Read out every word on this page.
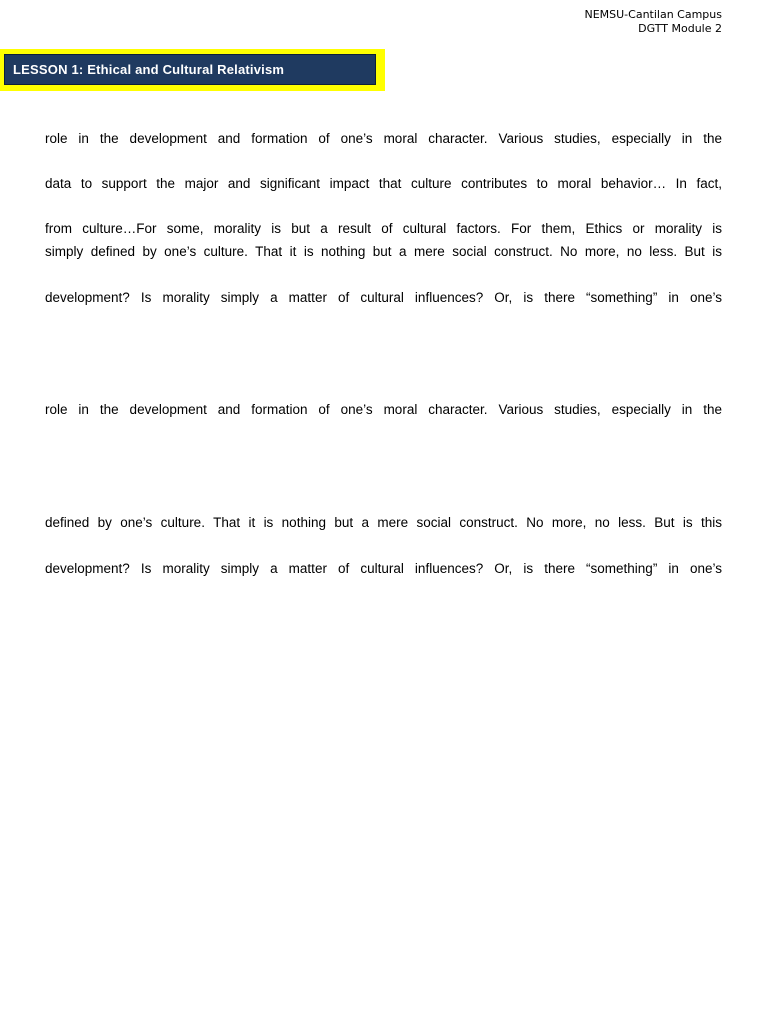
NEMSU-Cantilan Campus
DGTT Module 2
LESSON 1: Ethical and Cultural Relativism
role in the development and formation of one’s moral character. Various studies, especially in the
data to support the major and significant impact that culture contributes to moral behavior… In fact,
from culture…For some, morality is but a result of cultural factors. For them, Ethics or morality is
simply defined by one’s culture. That it is nothing but a mere social construct. No more, no less. But is
development? Is morality simply a matter of cultural influences? Or, is there “something” in one’s
role in the development and formation of one’s moral character. Various studies, especially in the
defined by one’s culture. That it is nothing but a mere social construct. No more, no less. But is this
development? Is morality simply a matter of cultural influences? Or, is there “something” in one’s
